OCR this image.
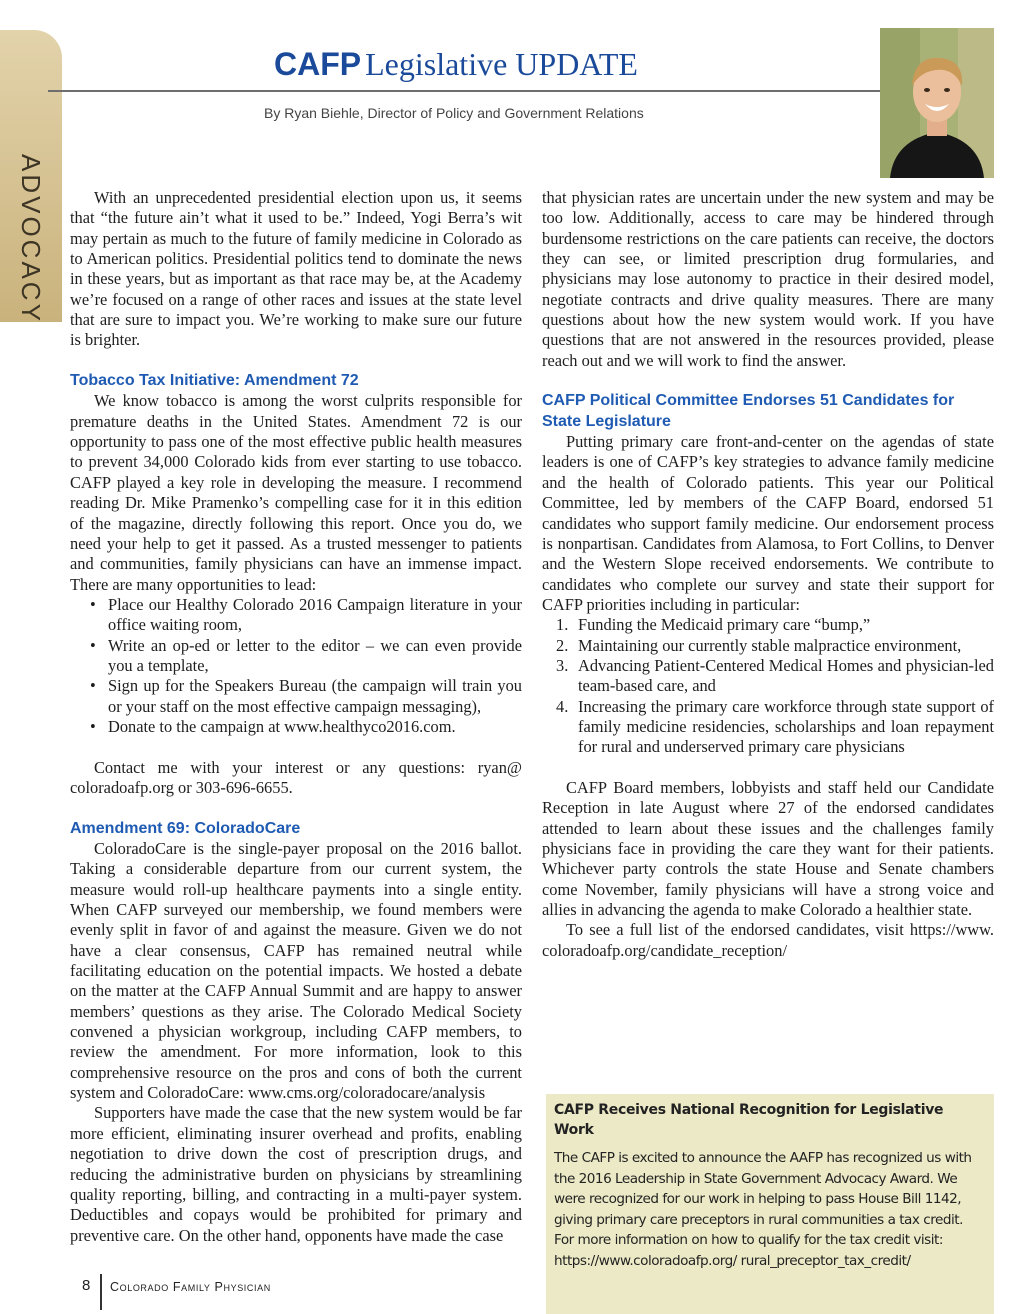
ADVOCACY
CAFP Legislative UPDATE
By Ryan Biehle, Director of Policy and Government Relations

With an unprecedented presidential election upon us, it seems that “the future ain’t what it used to be.” Indeed, Yogi Berra’s wit may pertain as much to the future of family medicine in Colorado as to American politics. Presidential politics tend to dominate the news in these years, but as important as that race may be, at the Academy we’re focused on a range of other races and issues at the state level that are sure to impact you. We’re working to make sure our future is brighter.

Tobacco Tax Initiative: Amendment 72

We know tobacco is among the worst culprits responsible for premature deaths in the United States. Amendment 72 is our opportunity to pass one of the most effective public health measures to prevent 34,000 Colorado kids from ever starting to use tobacco. CAFP played a key role in developing the measure. I recommend reading Dr. Mike Pramenko’s compelling case for it in this edition of the magazine, directly following this report. Once you do, we need your help to get it passed. As a trusted messenger to patients and communities, family physicians can have an immense impact. There are many opportunities to lead:

• Place our Healthy Colorado 2016 Campaign literature in your office waiting room,
• Write an op-ed or letter to the editor – we can even provide you a template,
• Sign up for the Speakers Bureau (the campaign will train you or your staff on the most effective campaign messaging),
• Donate to the campaign at www.healthyco2016.com.

Contact me with your interest or any questions: ryan@ coloradoafp.org or 303-696-6655.

Amendment 69: ColoradoCare

ColoradoCare is the single-payer proposal on the 2016 ballot. Taking a considerable departure from our current system, the measure would roll-up healthcare payments into a single entity. When CAFP surveyed our membership, we found members were evenly split in favor of and against the measure. Given we do not have a clear consensus, CAFP has remained neutral while facilitating education on the potential impacts. We hosted a debate on the matter at the CAFP Annual Summit and are happy to answer members’ questions as they arise. The Colorado Medical Society convened a physician workgroup, including CAFP members, to review the amendment. For more information, look to this comprehensive resource on the pros and cons of both the current system and ColoradoCare: www.cms.org/coloradocare/analysis

Supporters have made the case that the new system would be far more efficient, eliminating insurer overhead and profits, enabling negotiation to drive down the cost of prescription drugs, and reducing the administrative burden on physicians by streamlining quality reporting, billing, and contracting in a multi-payer system. Deductibles and copays would be prohibited for primary and preventive care. On the other hand, opponents have made the case

that physician rates are uncertain under the new system and may be too low. Additionally, access to care may be hindered through burdensome restrictions on the care patients can receive, the doctors they can see, or limited prescription drug formularies, and physicians may lose autonomy to practice in their desired model, negotiate contracts and drive quality measures. There are many questions about how the new system would work. If you have questions that are not answered in the resources provided, please reach out and we will work to find the answer.

CAFP Political Committee Endorses 51 Candidates for State Legislature

Putting primary care front-and-center on the agendas of state leaders is one of CAFP’s key strategies to advance family medicine and the health of Colorado patients. This year our Political Committee, led by members of the CAFP Board, endorsed 51 candidates who support family medicine. Our endorsement process is nonpartisan. Candidates from Alamosa, to Fort Collins, to Denver and the Western Slope received endorsements. We contribute to candidates who complete our survey and state their support for CAFP priorities including in particular:

1. Funding the Medicaid primary care “bump,”
2. Maintaining our currently stable malpractice environment,
3. Advancing Patient-Centered Medical Homes and physician-led team-based care, and
4. Increasing the primary care workforce through state support of family medicine residencies, scholarships and loan repayment for rural and underserved primary care physicians

CAFP Board members, lobbyists and staff held our Candidate Reception in late August where 27 of the endorsed candidates attended to learn about these issues and the challenges family physicians face in providing the care they want for their patients. Whichever party controls the state House and Senate chambers come November, family physicians will have a strong voice and allies in advancing the agenda to make Colorado a healthier state.

To see a full list of the endorsed candidates, visit https://www. coloradoafp.org/candidate_reception/

CAFP Receives National Recognition for Legislative Work

The CAFP is excited to announce the AAFP has recognized us with the 2016 Leadership in State Government Advocacy Award. We were recognized for our work in helping to pass House Bill 1142, giving primary care preceptors in rural communities a tax credit. For more information on how to qualify for the tax credit visit: https://www.coloradoafp.org/ rural_preceptor_tax_credit/

8 Colorado Family Physician
